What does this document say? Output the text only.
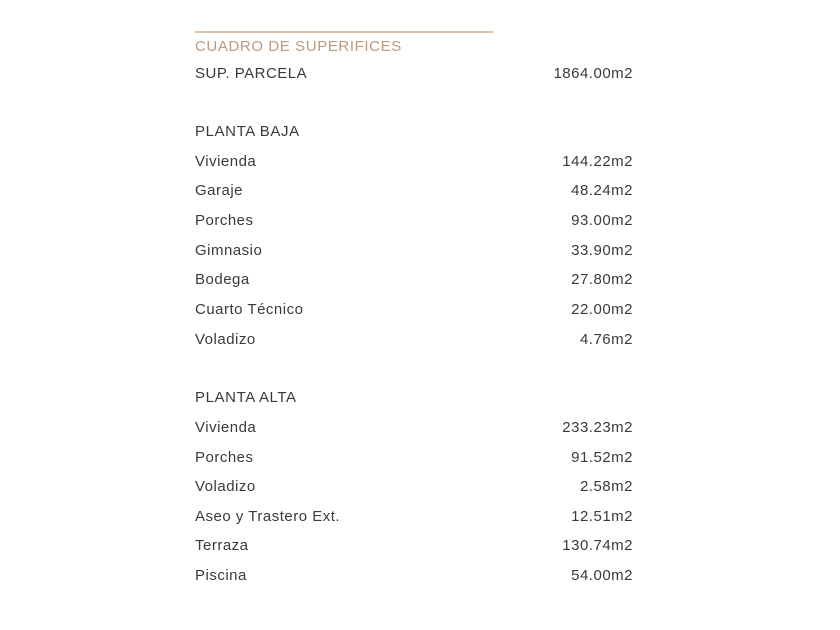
CUADRO DE SUPERIFICES
SUP. PARCELA	1864.00m2
PLANTA BAJA
Vivienda	144.22m2
Garaje	48.24m2
Porches	93.00m2
Gimnasio	33.90m2
Bodega	27.80m2
Cuarto Técnico	22.00m2
Voladizo	4.76m2
PLANTA ALTA
Vivienda	233.23m2
Porches	91.52m2
Voladizo	2.58m2
Aseo y Trastero Ext.	12.51m2
Terraza	130.74m2
Piscina	54.00m2
